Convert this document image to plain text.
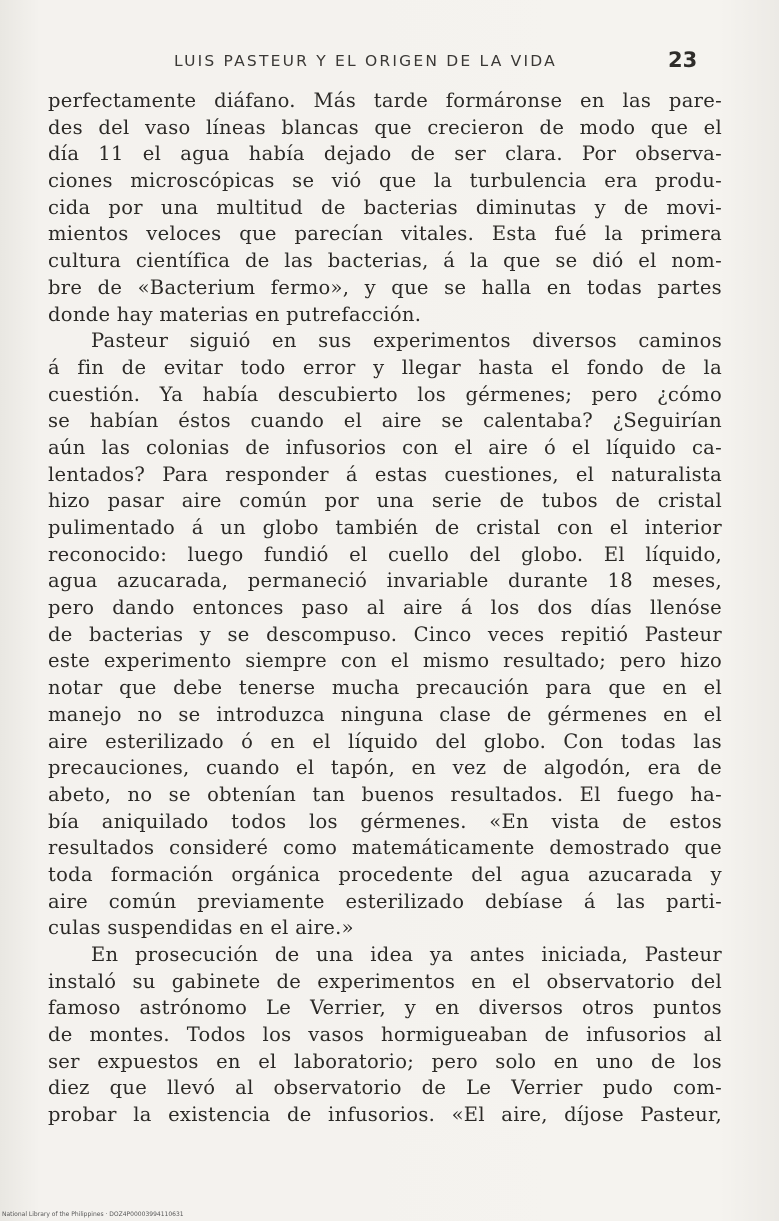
LUIS PASTEUR Y EL ORIGEN DE LA VIDA	23
perfectamente diáfano. Más tarde formáronse en las pare-
des del vaso líneas blancas que crecieron de modo que el
día 11 el agua había dejado de ser clara. Por observa-
ciones microscópicas se vió que la turbulencia era produ-
cida por una multitud de bacterias diminutas y de movi-
mientos veloces que parecían vitales. Esta fué la primera
cultura científica de las bacterias, á la que se dió el nom-
bre de «Bacterium fermo», y que se halla en todas partes
donde hay materias en putrefacción.
Pasteur siguió en sus experimentos diversos caminos
á fin de evitar todo error y llegar hasta el fondo de la
cuestión. Ya había descubierto los gérmenes; pero ¿cómo
se habían éstos cuando el aire se calentaba? ¿Seguirían
aún las colonias de infusorios con el aire ó el líquido ca-
lentados? Para responder á estas cuestiones, el naturalista
hizo pasar aire común por una serie de tubos de cristal
pulimentado á un globo también de cristal con el interior
reconocido: luego fundió el cuello del globo. El líquido,
agua azucarada, permaneció invariable durante 18 meses,
pero dando entonces paso al aire á los dos días llenóse
de bacterias y se descompuso. Cinco veces repitió Pasteur
este experimento siempre con el mismo resultado; pero hizo
notar que debe tenerse mucha precaución para que en el
manejo no se introduzca ninguna clase de gérmenes en el
aire esterilizado ó en el líquido del globo. Con todas las
precauciones, cuando el tapón, en vez de algodón, era de
abeto, no se obtenían tan buenos resultados. El fuego ha-
bía aniquilado todos los gérmenes. «En vista de estos
resultados consideré como matemáticamente demostrado que
toda formación orgánica procedente del agua azucarada y
aire común previamente esterilizado debíase á las parti-
culas suspendidas en el aire.»
En prosecución de una idea ya antes iniciada, Pasteur
instaló su gabinete de experimentos en el observatorio del
famoso astrónomo Le Verrier, y en diversos otros puntos
de montes. Todos los vasos hormigueaban de infusorios al
ser expuestos en el laboratorio; pero solo en uno de los
diez que llevó al observatorio de Le Verrier pudo com-
probar la existencia de infusorios. «El aire, díjose Pasteur,
National Library of the Philippines · DOZ4P00003994110631
